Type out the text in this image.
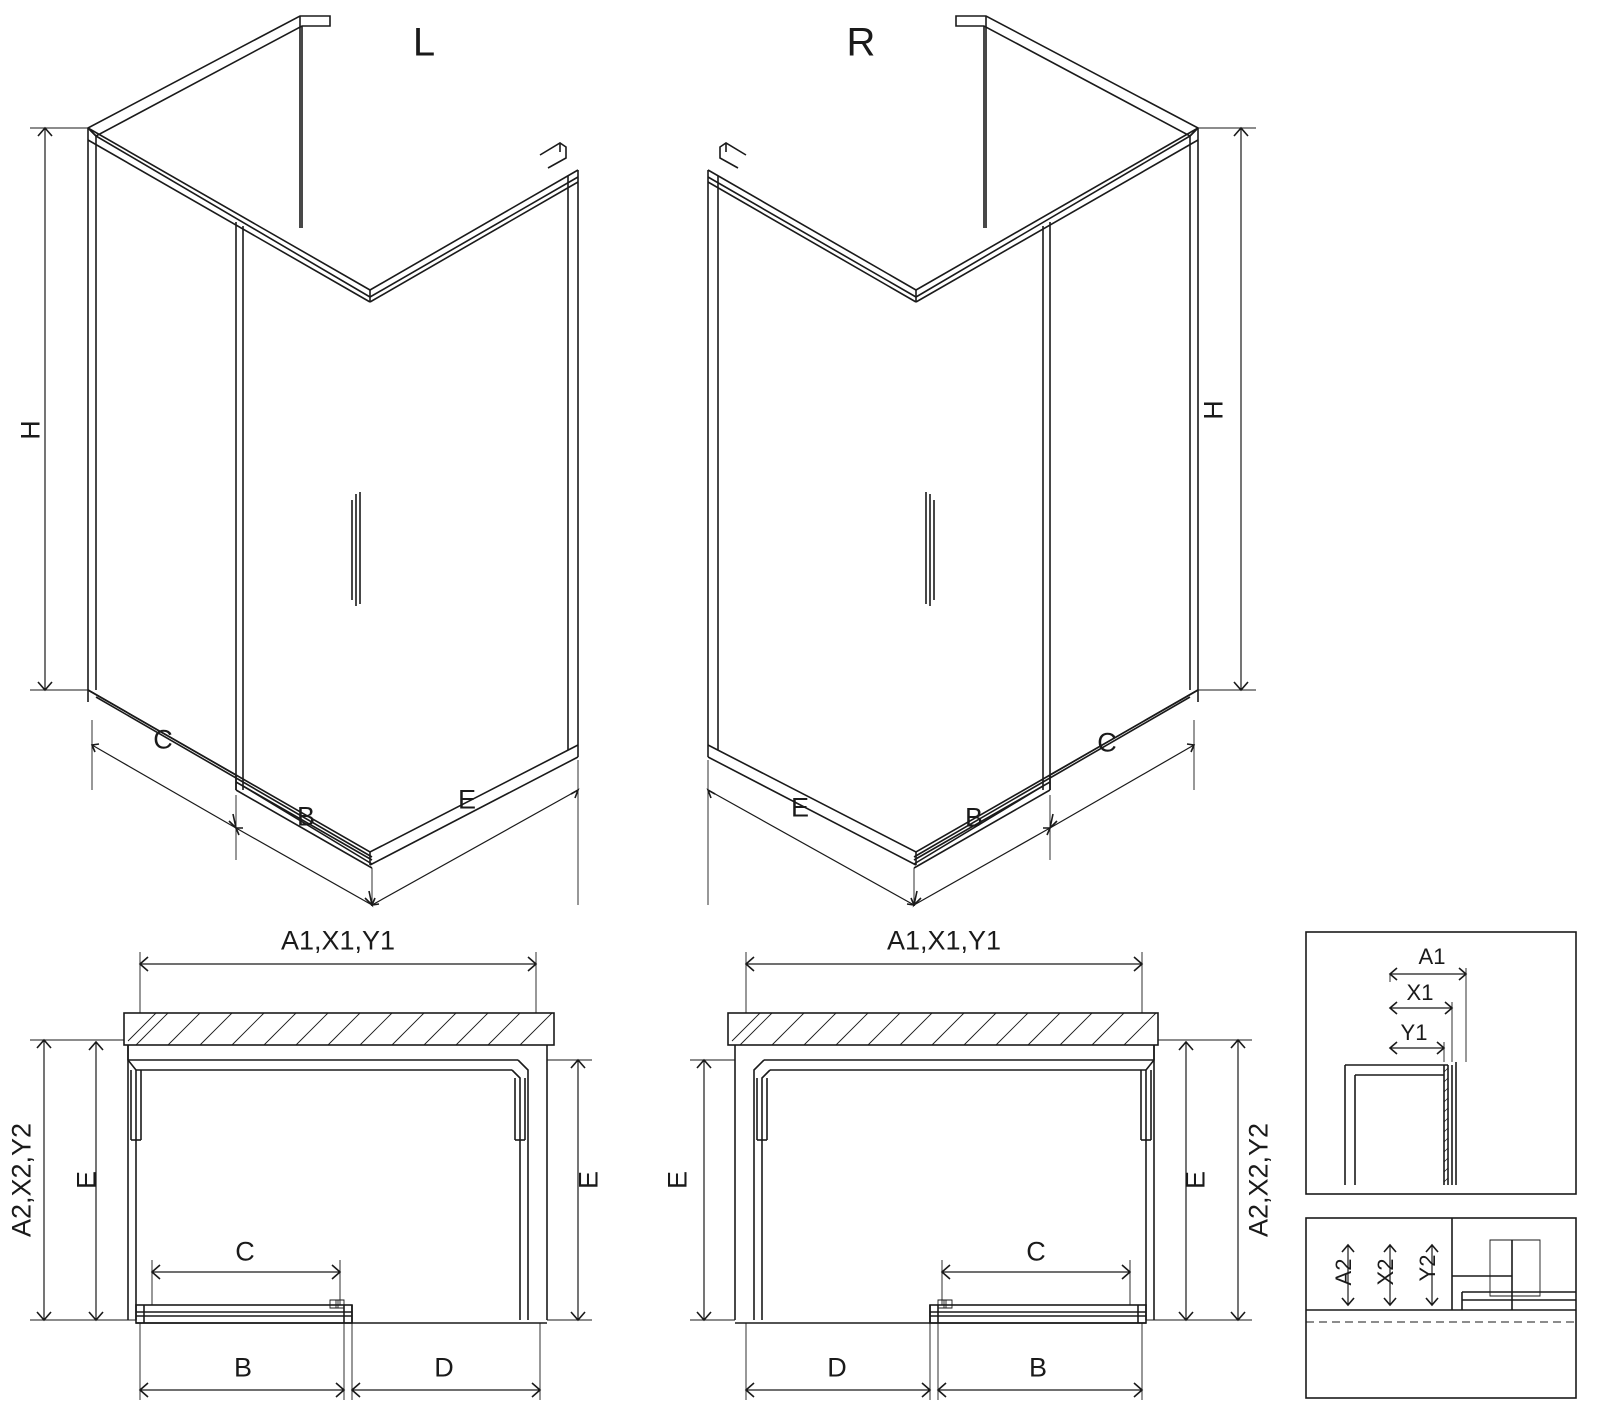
L	R
H
C
B
E
H
E	B
C
A1,X1,Y1
A2,X2,Y2 E	E
C
B	D
A1,X1,Y1
A2,X2,Y2
E	E
C
D	B
A1
X1
Y1
A2 X2 Y2
